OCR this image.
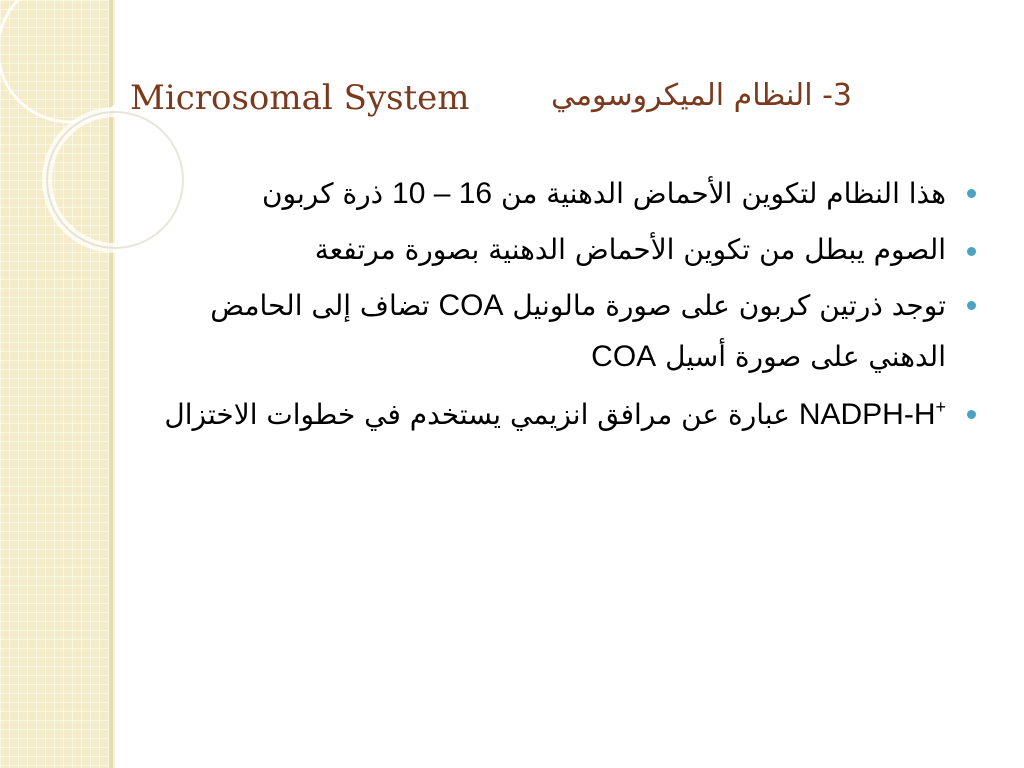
Microsomal System	3- النظام الميكروسومي
هذا النظام لتكوين الأحماض الدهنية من 10 – 16 ذرة كربون
الصوم يبطل من تكوين الأحماض الدهنية بصورة مرتفعة
توجد ذرتين كربون على صورة مالونيل COA تضاف إلى الحامض الدهني على صورة أسيل COA
NADPH-H+ عبارة عن مرافق انزيمي يستخدم في خطوات الاختزال
